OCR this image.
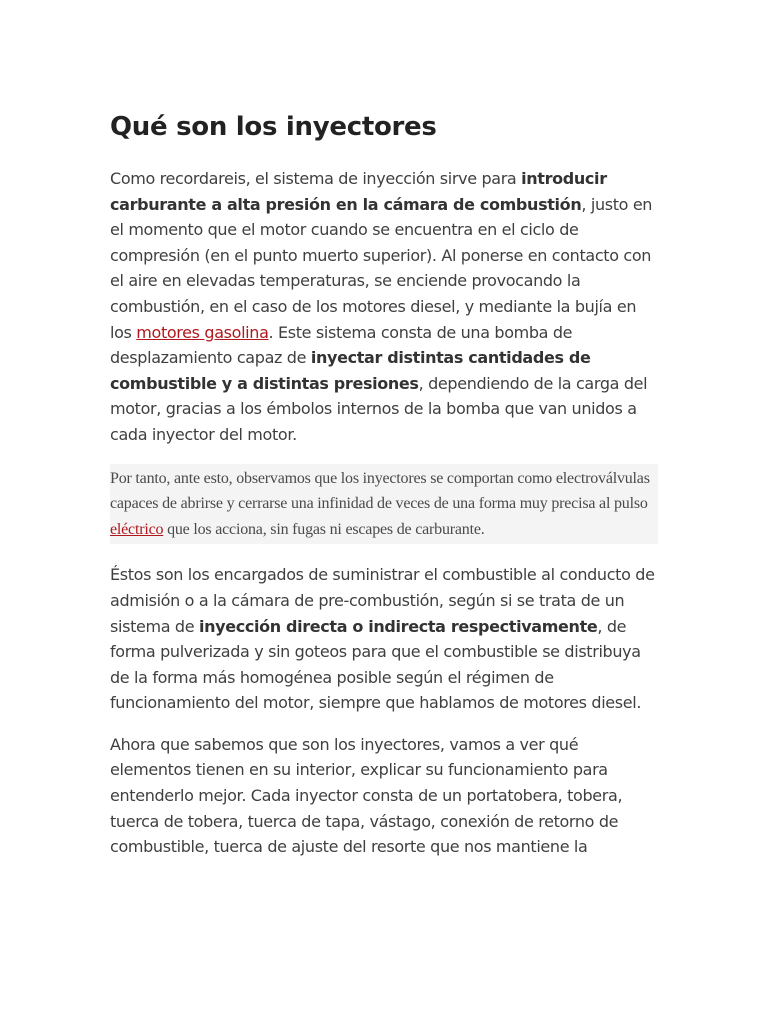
Qué son los inyectores

Como recordareis, el sistema de inyección sirve para introducir carburante a alta presión en la cámara de combustión, justo en el momento que el motor cuando se encuentra en el ciclo de compresión (en el punto muerto superior). Al ponerse en contacto con el aire en elevadas temperaturas, se enciende provocando la combustión, en el caso de los motores diesel, y mediante la bujía en los motores gasolina. Este sistema consta de una bomba de desplazamiento capaz de inyectar distintas cantidades de combustible y a distintas presiones, dependiendo de la carga del motor, gracias a los émbolos internos de la bomba que van unidos a cada inyector del motor.

Por tanto, ante esto, observamos que los inyectores se comportan como electroválvulas capaces de abrirse y cerrarse una infinidad de veces de una forma muy precisa al pulso eléctrico que los acciona, sin fugas ni escapes de carburante.

Éstos son los encargados de suministrar el combustible al conducto de admisión o a la cámara de pre-combustión, según si se trata de un sistema de inyección directa o indirecta respectivamente, de forma pulverizada y sin goteos para que el combustible se distribuya de la forma más homogénea posible según el régimen de funcionamiento del motor, siempre que hablamos de motores diesel.

Ahora que sabemos que son los inyectores, vamos a ver qué elementos tienen en su interior, explicar su funcionamiento para entenderlo mejor. Cada inyector consta de un portatobera, tobera, tuerca de tobera, tuerca de tapa, vástago, conexión de retorno de combustible, tuerca de ajuste del resorte que nos mantiene la
